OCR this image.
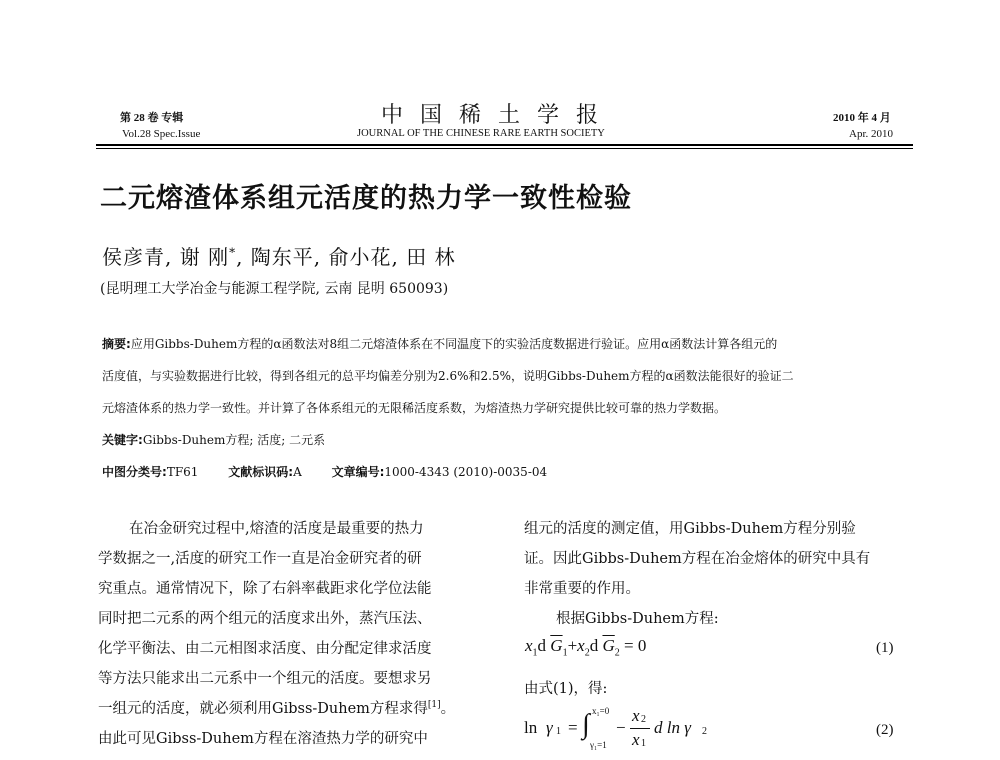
第 28 卷 专辑
Vol.28 Spec.Issue
中国稀土学报
JOURNAL OF THE CHINESE RARE EARTH SOCIETY
2010 年 4 月
Apr. 2010
二元熔渣体系组元活度的热力学一致性检验
侯彦青, 谢 刚*, 陶东平, 俞小花, 田 林
(昆明理工大学冶金与能源工程学院, 云南 昆明 650093)
摘要:应用Gibbs-Duhem方程的α函数法对8组二元熔渣体系在不同温度下的实验活度数据进行验证。应用α函数法计算各组元的
活度值，与实验数据进行比较，得到各组元的总平均偏差分别为2.6%和2.5%，说明Gibbs-Duhem方程的α函数法能很好的验证二
元熔渣体系的热力学一致性。并计算了各体系组元的无限稀活度系数，为熔渣热力学研究提供比较可靠的热力学数据。
关键字:Gibbs-Duhem方程; 活度; 二元系
中图分类号:TF61 文献标识码:A 文章编号:1000-4343 (2010)-0035-04
在冶金研究过程中,熔渣的活度是最重要的热力
学数据之一,活度的研究工作一直是冶金研究者的研
究重点。通常情况下，除了右斜率截距求化学位法能
同时把二元系的两个组元的活度求出外，蒸汽压法、
化学平衡法、由二元相图求活度、由分配定律求活度
等方法只能求出二元系中一个组元的活度。要想求另
一组元的活度，就必须利用Gibss-Duhem方程求得[1]。
由此可见Gibss-Duhem方程在溶渣热力学的研究中
组元的活度的测定值，用Gibbs-Duhem方程分别验
证。因此Gibbs-Duhem方程在冶金熔体的研究中具有
非常重要的作用。
根据Gibbs-Duhem方程:
$x_1d$ $\overline{G}_1+x_2d$ $\overline{G}_2 = 0$	(1)
由式(1)，得:
ln γ 1 = ∫ x₁=0
γ₁=1
−
x 2
x 1
d ln γ 2	(2)
